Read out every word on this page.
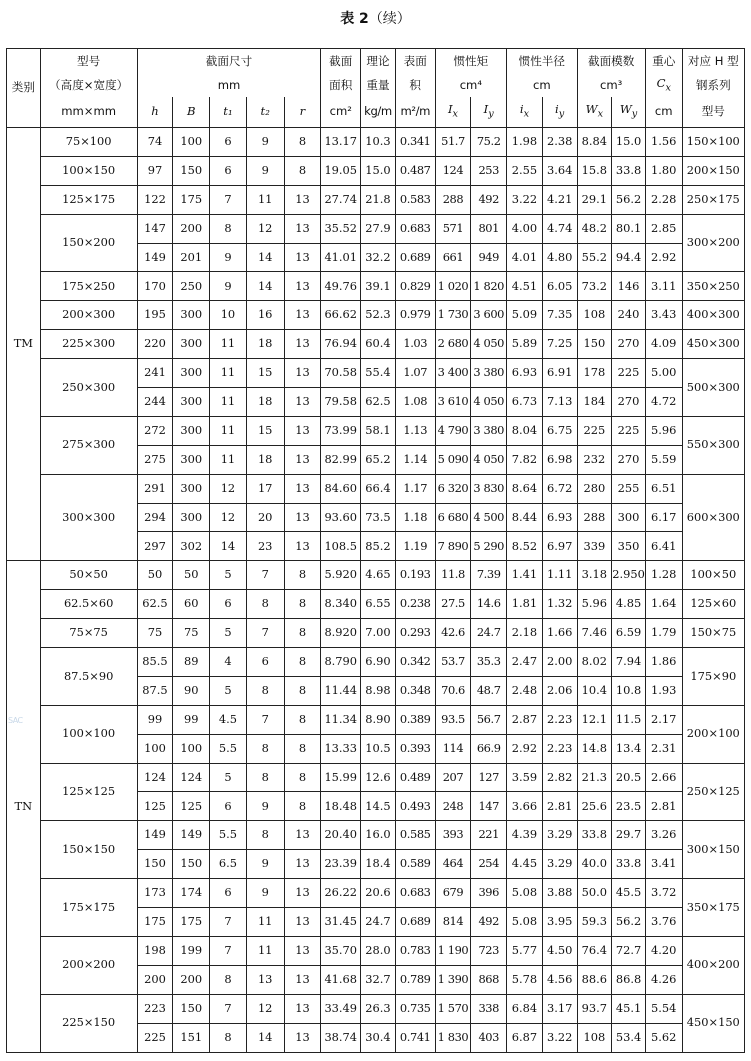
表 2（续）
类别	型号	截面尺寸					截面	理论	表面	惯性矩		惯性半径		截面模数		重心	对应 H 型
	（高度×宽度）	mm					面积	重量	积	cm⁴		cm		cm³		$C_x$	钢系列
	mm×mm	h	B	t₁	t₂	r	cm²	kg/m	m²/m	$I_x$	$I_y$	$i_x$	$i_y$	$W_x$	$W_y$	cm	型号
TM	75×100	74	100	6	9	8	13.17	10.3	0.341	51.7	75.2	1.98	2.38	8.84	15.0	1.56	150×100
	100×150	97	150	6	9	8	19.05	15.0	0.487	124	253	2.55	3.64	15.8	33.8	1.80	200×150
	125×175	122	175	7	11	13	27.74	21.8	0.583	288	492	3.22	4.21	29.1	56.2	2.28	250×175
	150×200	147	200	8	12	13	35.52	27.9	0.683	571	801	4.00	4.74	48.2	80.1	2.85	300×200
		149	201	9	14	13	41.01	32.2	0.689	661	949	4.01	4.80	55.2	94.4	2.92	
	175×250	170	250	9	14	13	49.76	39.1	0.829	1 020	1 820	4.51	6.05	73.2	146	3.11	350×250
	200×300	195	300	10	16	13	66.62	52.3	0.979	1 730	3 600	5.09	7.35	108	240	3.43	400×300
	225×300	220	300	11	18	13	76.94	60.4	1.03	2 680	4 050	5.89	7.25	150	270	4.09	450×300
	250×300	241	300	11	15	13	70.58	55.4	1.07	3 400	3 380	6.93	6.91	178	225	5.00	500×300
		244	300	11	18	13	79.58	62.5	1.08	3 610	4 050	6.73	7.13	184	270	4.72	
	275×300	272	300	11	15	13	73.99	58.1	1.13	4 790	3 380	8.04	6.75	225	225	5.96	550×300
		275	300	11	18	13	82.99	65.2	1.14	5 090	4 050	7.82	6.98	232	270	5.59	
	300×300	291	300	12	17	13	84.60	66.4	1.17	6 320	3 830	8.64	6.72	280	255	6.51	600×300
		294	300	12	20	13	93.60	73.5	1.18	6 680	4 500	8.44	6.93	288	300	6.17	
		297	302	14	23	13	108.5	85.2	1.19	7 890	5 290	8.52	6.97	339	350	6.41	
TN	50×50	50	50	5	7	8	5.920	4.65	0.193	11.8	7.39	1.41	1.11	3.18	2.950	1.28	100×50
	62.5×60	62.5	60	6	8	8	8.340	6.55	0.238	27.5	14.6	1.81	1.32	5.96	4.85	1.64	125×60
	75×75	75	75	5	7	8	8.920	7.00	0.293	42.6	24.7	2.18	1.66	7.46	6.59	1.79	150×75
	87.5×90	85.5	89	4	6	8	8.790	6.90	0.342	53.7	35.3	2.47	2.00	8.02	7.94	1.86	175×90
		87.5	90	5	8	8	11.44	8.98	0.348	70.6	48.7	2.48	2.06	10.4	10.8	1.93	
	100×100	99	99	4.5	7	8	11.34	8.90	0.389	93.5	56.7	2.87	2.23	12.1	11.5	2.17	200×100
		100	100	5.5	8	8	13.33	10.5	0.393	114	66.9	2.92	2.23	14.8	13.4	2.31	
	125×125	124	124	5	8	8	15.99	12.6	0.489	207	127	3.59	2.82	21.3	20.5	2.66	250×125
		125	125	6	9	8	18.48	14.5	0.493	248	147	3.66	2.81	25.6	23.5	2.81	
	150×150	149	149	5.5	8	13	20.40	16.0	0.585	393	221	4.39	3.29	33.8	29.7	3.26	300×150
		150	150	6.5	9	13	23.39	18.4	0.589	464	254	4.45	3.29	40.0	33.8	3.41	
	175×175	173	174	6	9	13	26.22	20.6	0.683	679	396	5.08	3.88	50.0	45.5	3.72	350×175
		175	175	7	11	13	31.45	24.7	0.689	814	492	5.08	3.95	59.3	56.2	3.76	
	200×200	198	199	7	11	13	35.70	28.0	0.783	1 190	723	5.77	4.50	76.4	72.7	4.20	400×200
		200	200	8	13	13	41.68	32.7	0.789	1 390	868	5.78	4.56	88.6	86.8	4.26	
	225×150	223	150	7	12	13	33.49	26.3	0.735	1 570	338	6.84	3.17	93.7	45.1	5.54	450×150
		225	151	8	14	13	38.74	30.4	0.741	1 830	403	6.87	3.22	108	53.4	5.62	
SAC
